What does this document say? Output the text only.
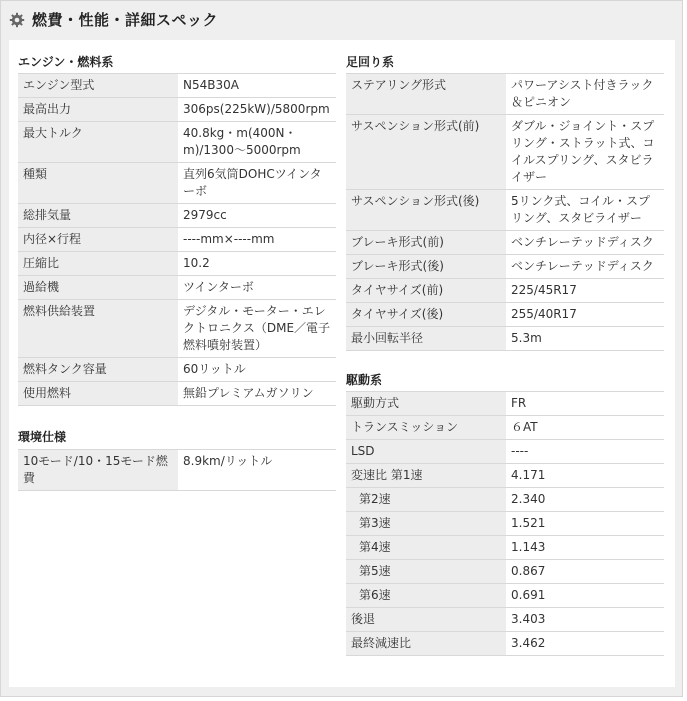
燃費・性能・詳細スペック
エンジン・燃料系
エンジン型式	N54B30A
最高出力	306ps(225kW)/5800rpm
最大トルク	40.8kg・m(400N・m)/1300〜5000rpm
種類	直列6気筒DOHCツインターボ
総排気量	2979cc
内径×行程	----mm×----mm
圧縮比	10.2
過給機	ツインターボ
燃料供給装置	デジタル・モーター・エレクトロニクス（DME／電子燃料噴射装置）
燃料タンク容量	60リットル
使用燃料	無鉛プレミアムガソリン
環境仕様
10モード/10・15モード燃費	8.9km/リットル
足回り系
ステアリング形式	パワーアシスト付きラック＆ピニオン
サスペンション形式(前)	ダブル・ジョイント・スプリング・ストラット式、コイルスプリング、スタビライザー
サスペンション形式(後)	5リンク式、コイル・スプリング、スタビライザー
ブレーキ形式(前)	ベンチレーテッドディスク
ブレーキ形式(後)	ベンチレーテッドディスク
タイヤサイズ(前)	225/45R17
タイヤサイズ(後)	255/40R17
最小回転半径	5.3m
駆動系
駆動方式	FR
トランスミッション	６AT
LSD	----
変速比 第1速	4.171
第2速	2.340
第3速	1.521
第4速	1.143
第5速	0.867
第6速	0.691
後退	3.403
最終減速比	3.462
